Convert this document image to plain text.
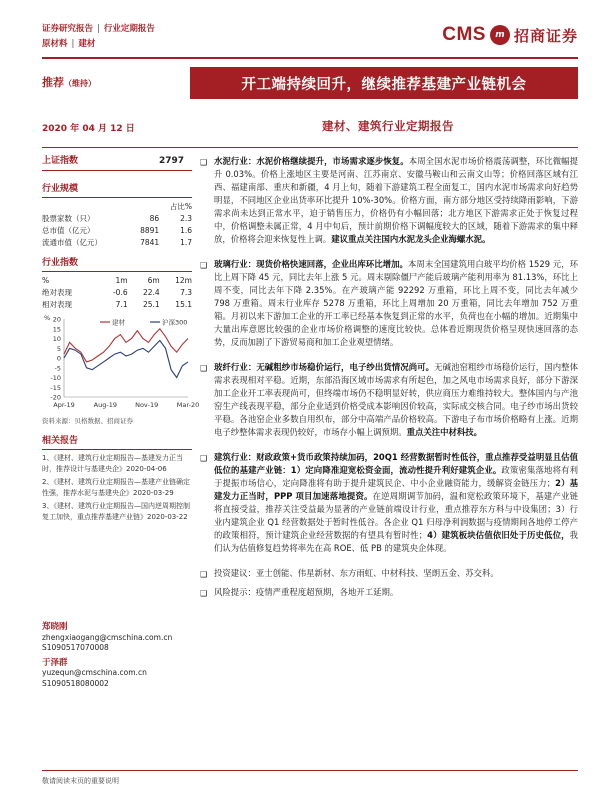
证券研究报告 | 行业定期报告
原材料 | 建材	CMS	m 招商证券
推荐（维持）	开工端持续回升，继续推荐基建产业链机会
2020 年 04 月 12 日	建材、建筑行业定期报告
上证指数	2797
行业规模
		占比%
股票家数（只）	86	2.3
总市值（亿元）	8891	1.6
流通市值（亿元）	7841	1.7
行业指数
%	1m	6m	12m
绝对表现	-0.6	22.4	7.3
相对表现	7.1	25.1	15.1
20
15
10
5
0
-5
-10
-15
-20
%
Apr-19	Aug-19	Nov-19	Mar-20
建材	沪深300
资料来源：贝格数据、招商证券
相关报告

1、《建材、建筑行业定期报告—基建发力正当时，推荐设计与基建央企》2020-04-06

2、《建材、建筑行业定期报告—基建产业链确定性强，推荐水泥与基建央企》2020-03-29

3、《建材、建筑行业定期报告—国内逆周期控制复工加快，重点推荐基建产业链》2020-03-22

郑晓刚
zhengxiaogang@cmschina.com.cn
S1090517070008
于泽群
yuzequn@cmschina.com.cn
S1090518080002
❑ 水泥行业：水泥价格继续提升，市场需求逐步恢复。本周全国水泥市场价格震荡调整，环比微幅提升 0.03%。价格上涨地区主要是河南、江苏南京、安徽马鞍山和云南文山等；价格回落区域有江西、福建南部、重庆和新疆，4 月上旬，随着下游建筑工程全面复工，国内水泥市场需求向好趋势明显，不同地区企业出货率环比提升 10%-30%。价格方面，南方部分地区受持续降雨影响，下游需求尚未达到正常水平，迫于销售压力，价格仍有小幅回落；北方地区下游需求正处于恢复过程中，价格调整未属正常，4 月中旬后，预计前期价格下调幅度较大的区域，随着下游需求的集中释放，价格将会迎来恢复性上调。建议重点关注国内水泥龙头企业海螺水泥。
❑ 玻璃行业：现货价格快速回落，企业出库环比增加。本周末全国建筑用白玻平均价格 1529 元，环比上周下降 45 元，同比去年上涨 5 元。周末剔除僵尸产能后玻璃产能利用率为 81.13%，环比上周不变，同比去年下降 2.35%。在产玻璃产能 92292 万重箱，环比上周不变，同比去年减少 798 万重箱。周末行业库存 5278 万重箱，环比上周增加 20 万重箱，同比去年增加 752 万重箱。月初以来下游加工企业的开工率已经基本恢复到正常的水平，负荷也在小幅的增加。近期集中大量出库意愿比较强的企业市场价格调整的速度比较快。总体看近期现货价格呈现快速回落的态势，反而加剧了下游贸易商和加工企业观望情绪。
❑ 玻纤行业：无碱粗纱市场稳价运行，电子纱出货情况尚可。无碱池窑粗纱市场稳价运行，国内整体需求表现相对平稳。近期，东部沿海区域市场需求有所起色，加之风电市场需求良好，部分下游深加工企业开工率表现尚可，但终端市场仍不稳明显好转，供应商压力难维持较大。整体国内与产池窑生产线表现平稳，部分企业适到价格受成本影响因价较高，实际成交核合同。电子纱市场出货较平稳。各池窑企业多数自用织布，部分中高端产品价格较高。下游电子布市场价格略有上涨。近期电子纱整体需求表现仍较好，市场存小幅上调预期。重点关注中材科技。
❑ 建筑行业：财政政策+货币政策持续加码，20Q1 经营数据暂时性低谷，重点推荐受益明显且估值低位的基建产业链：1）定向降准迎宽松资金面，流动性提升利好建筑企业。政策密集落地将有利于提振市场信心，定向降准将有助于提升建筑民企、中小企业融资能力，缓解资金链压力；2）基建发力正当时，PPP 项目加速落地提资。在逆周期调节加码，温和宽松政策环境下，基建产业链将直接受益，推荐关注受益最为显著的产业链前端设计行业，重点推荐东方科与中设集团；3）行业内建筑企业 Q1 经营数据处于暂时性低谷。各企业 Q1 归母净利润数据与疫情期间各地停工停产的政策相符，预计建筑企业经营数据的有望具有暂时性；4）建筑板块估值依旧处于历史低位，我们认为估值修复趋势将率先在高 ROE、低 PB 的建筑央企体现。
❑ 投资建议：亚士创能、伟星新材、东方雨虹、中材科技、坚朗五金、苏交科。
❑ 风险提示：疫情严重程度超预期，各地开工延期。
敬请阅读末页的重要说明
